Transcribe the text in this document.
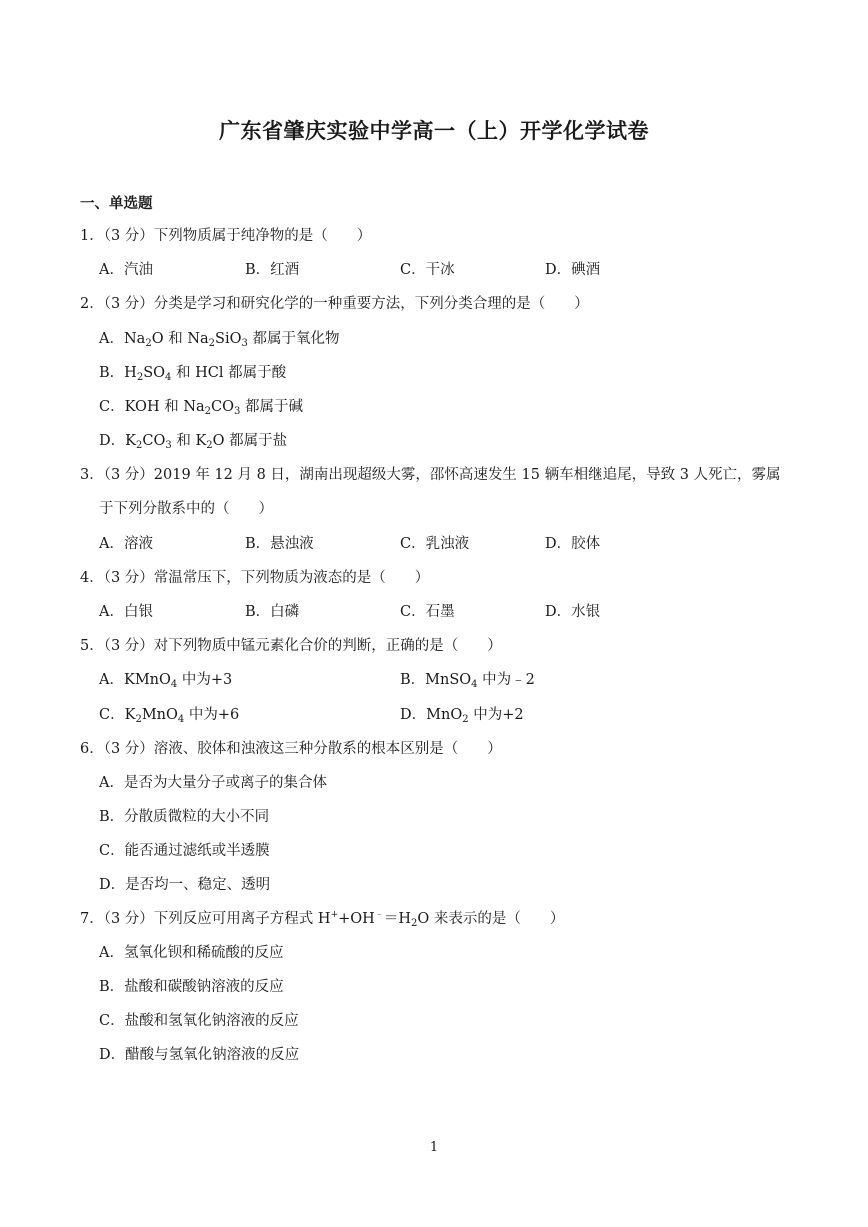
广东省肇庆实验中学高一（上）开学化学试卷
一、单选题
1．（3 分）下列物质属于纯净物的是（　　）
A．汽油	B．红酒	C．干冰	D．碘酒
2．（3 分）分类是学习和研究化学的一种重要方法，下列分类合理的是（　　）
A．$Na_2O$ 和 $Na_2SiO_3$ 都属于氧化物
B．$H_2SO_4$ 和 HCl 都属于酸
C．KOH 和 $Na_2CO_3$ 都属于碱
D．$K_2CO_3$ 和 $K_2O$ 都属于盐
3．（3 分）2019 年 12 月 8 日，湖南出现超级大雾，邵怀高速发生 15 辆车相继追尾，导致 3 人死亡，雾属
于下列分散系中的（　　）
A．溶液	B．悬浊液	C．乳浊液	D．胶体
4．（3 分）常温常压下，下列物质为液态的是（　　）
A．白银	B．白磷	C．石墨	D．水银
5．（3 分）对下列物质中锰元素化合价的判断，正确的是（　　）
A．KMnO$_4$ 中为+3	B．MnSO$_4$ 中为﹣2
C．$K_2MnO_4$ 中为+6	D．MnO$_2$ 中为+2
6．（3 分）溶液、胶体和浊液这三种分散系的根本区别是（　　）
A．是否为大量分子或离子的集合体
B．分散质微粒的大小不同
C．能否通过滤纸或半透膜
D．是否均一、稳定、透明
7．（3 分）下列反应可用离子方程式 $H^++OH^﹣=H_2O$ 来表示的是（　　）
A．氢氧化钡和稀硫酸的反应
B．盐酸和碳酸钠溶液的反应
C．盐酸和氢氧化钠溶液的反应
D．醋酸与氢氧化钠溶液的反应
1
